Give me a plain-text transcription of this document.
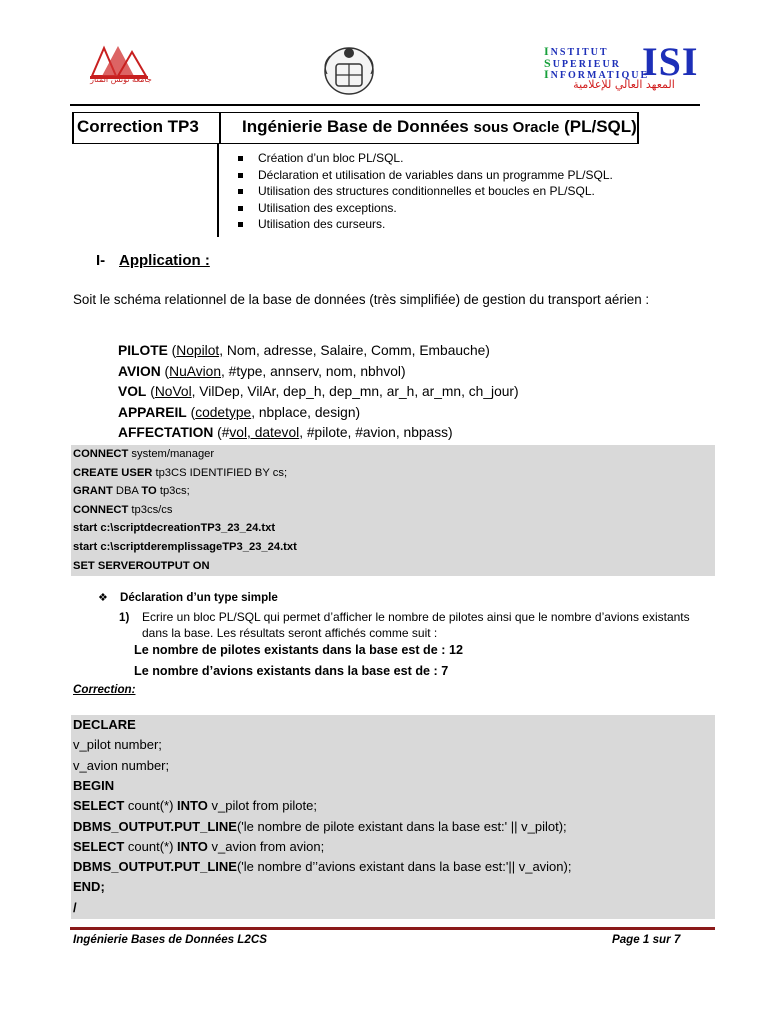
جامعة تونس المنار
INSTITUT
SUPERIEUR
INFORMATIQUE
ISI
المعهد العالي للإعلامية
Correction TP3	Ingénierie Base de Données sous Oracle (PL/SQL)
Création d’un bloc PL/SQL.
Déclaration et utilisation de variables dans un programme PL/SQL.
Utilisation des structures conditionnelles et boucles en PL/SQL.
Utilisation des exceptions.
Utilisation des curseurs.
I- Application :
Soit le schéma relationnel de la base de données (très simplifiée) de gestion du transport aérien :
PILOTE (Nopilot, Nom, adresse, Salaire, Comm, Embauche)
AVION (NuAvion, #type, annserv, nom, nbhvol)
VOL (NoVol, VilDep, VilAr, dep_h, dep_mn, ar_h, ar_mn, ch_jour)
APPAREIL (codetype, nbplace, design)
AFFECTATION (#vol, datevol, #pilote, #avion, nbpass)
CONNECT system/manager
CREATE USER tp3CS IDENTIFIED BY cs;
GRANT DBA TO tp3cs;
CONNECT tp3cs/cs
start c:\scriptdecreationTP3_23_24.txt
start c:\scriptderemplissageTP3_23_24.txt
SET SERVEROUTPUT ON
❖ Déclaration d’un type simple
1) Ecrire un bloc PL/SQL qui permet d’afficher le nombre de pilotes ainsi que le nombre d’avions existants dans la base. Les résultats seront affichés comme suit :
Le nombre de pilotes existants dans la base est de : 12
Le nombre d’avions existants dans la base est de : 7
Correction:
DECLARE
v_pilot number;
v_avion number;
BEGIN
SELECT count(*) INTO v_pilot from pilote;
DBMS_OUTPUT.PUT_LINE('le nombre de pilote existant dans la base est:' || v_pilot);
SELECT count(*) INTO v_avion from avion;
DBMS_OUTPUT.PUT_LINE('le nombre d’’avions existant dans la base est:'|| v_avion);
END;
/
Ingénierie Bases de Données L2CS	Page 1 sur 7
